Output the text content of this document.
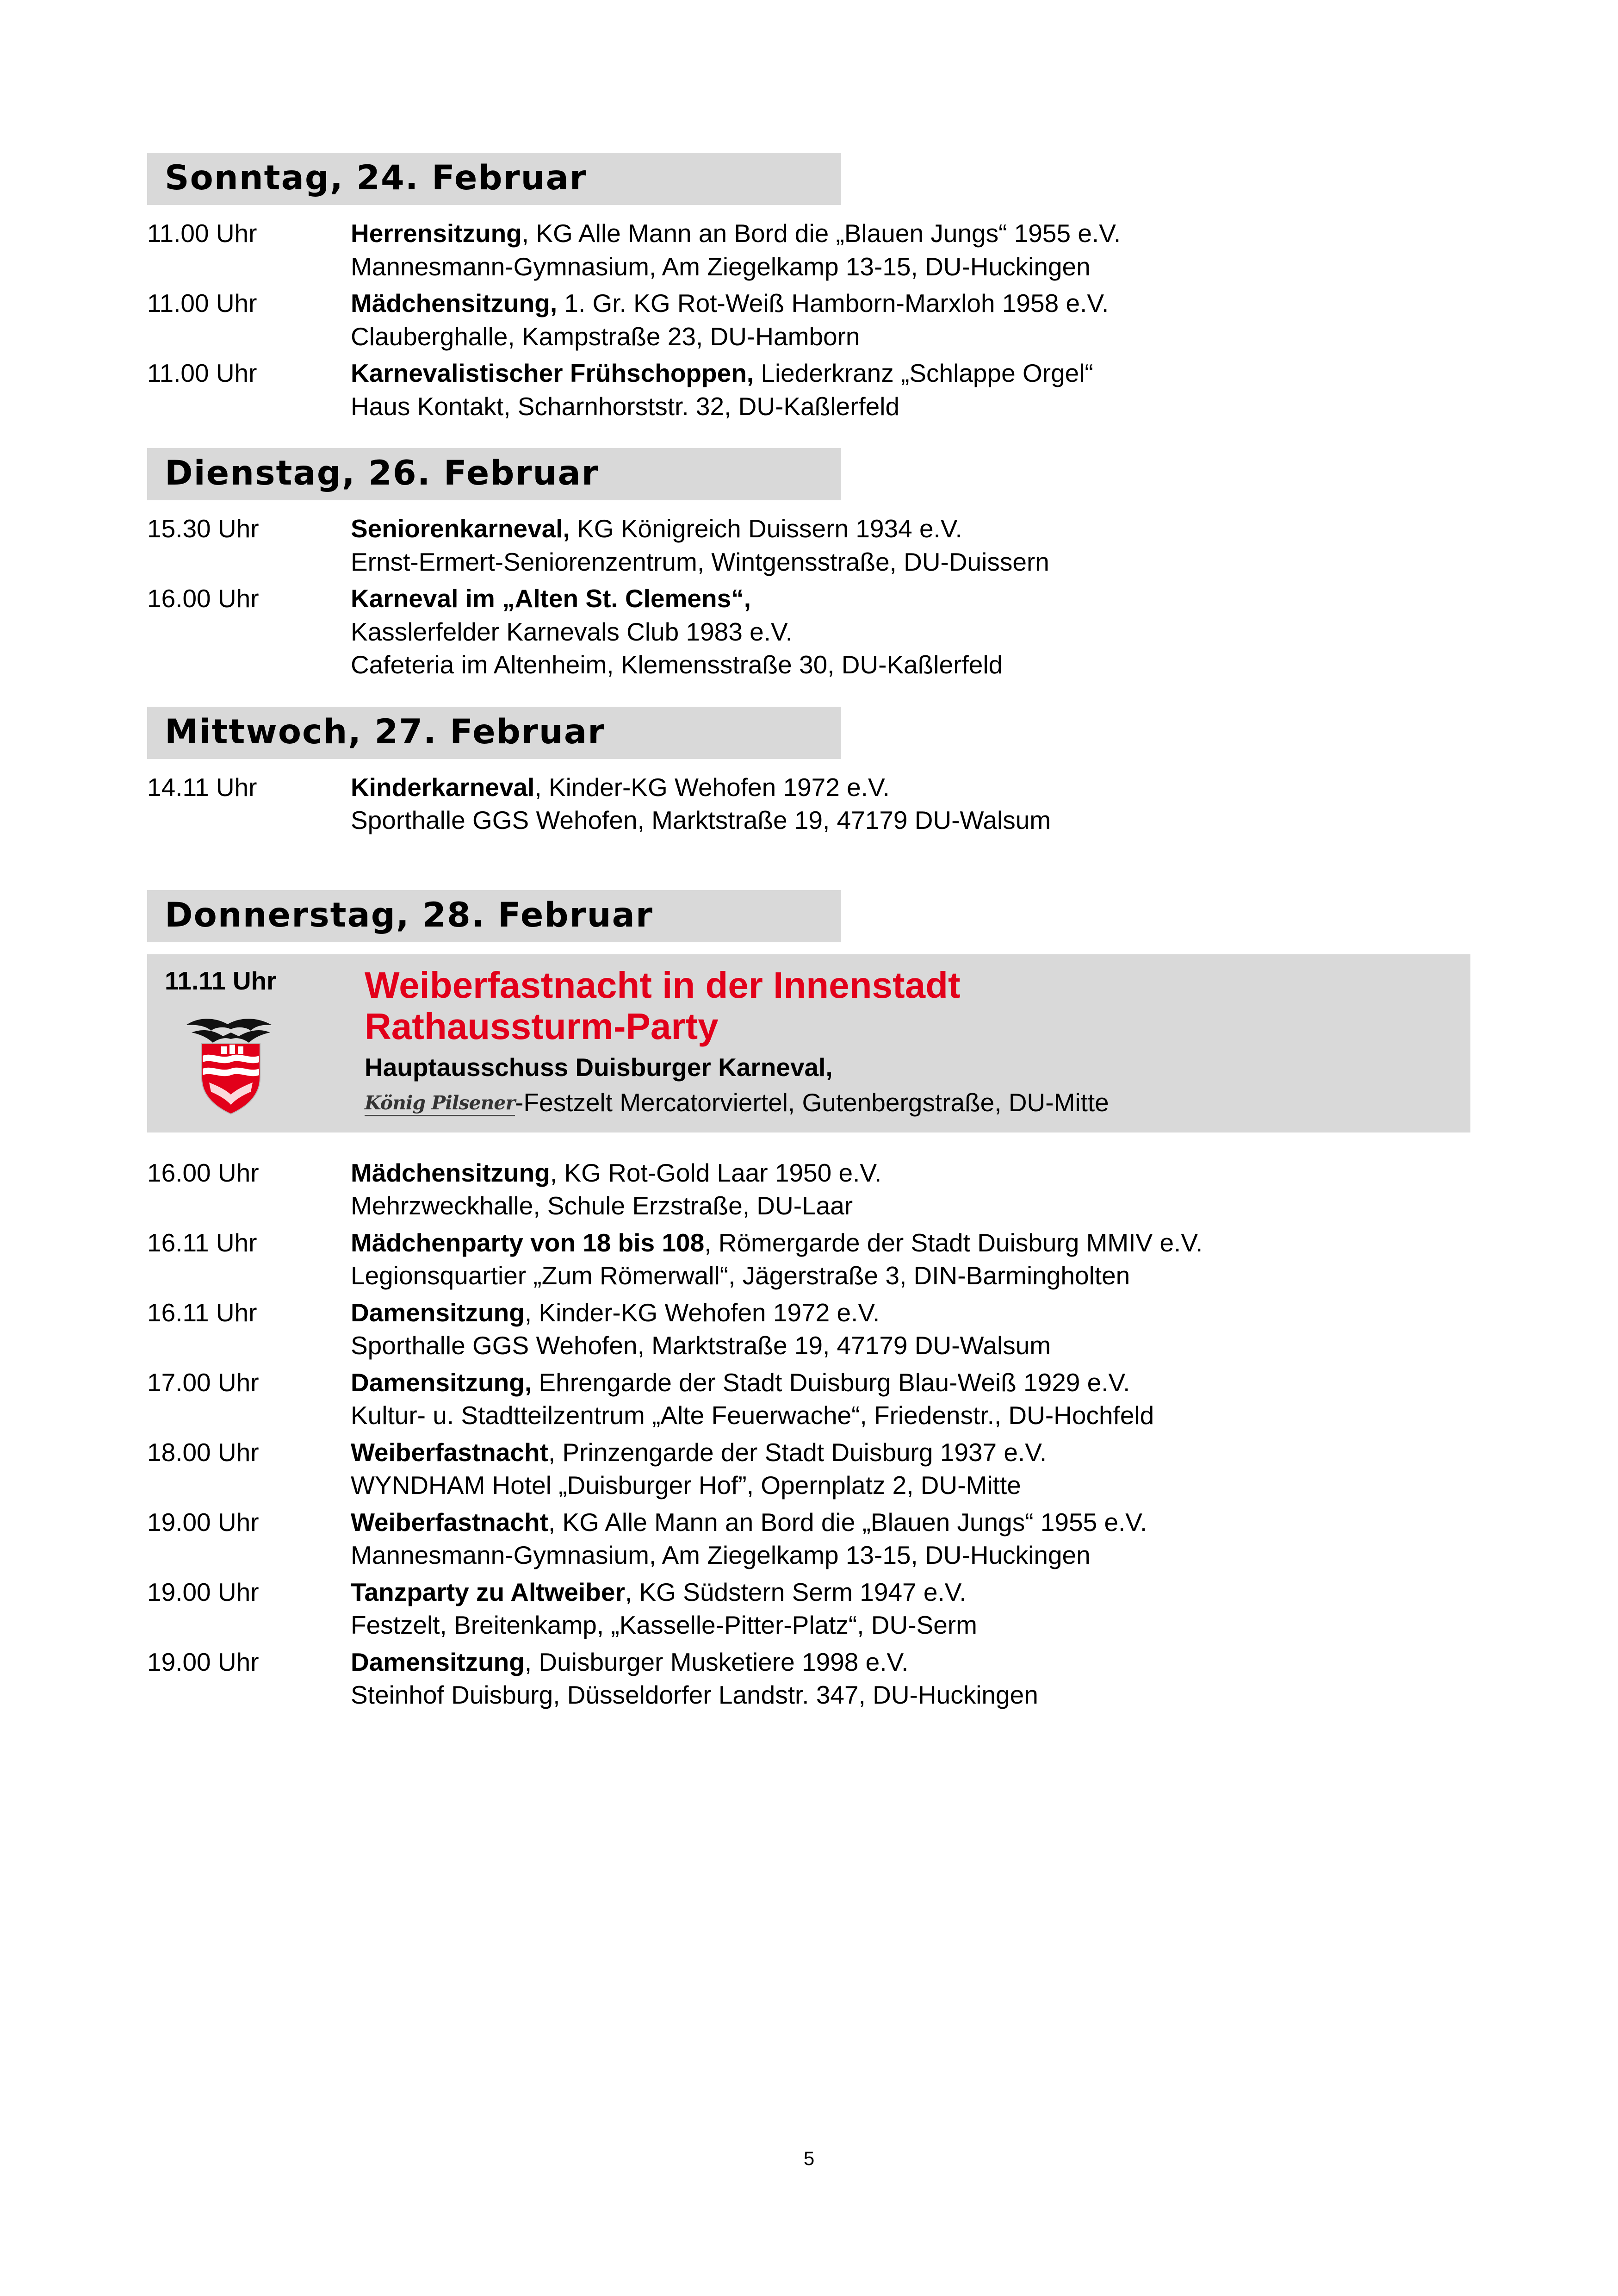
Sonntag, 24. Februar
11.00 Uhr	Herrensitzung, KG Alle Mann an Bord die „Blauen Jungs“ 1955 e.V.
Mannesmann-Gymnasium, Am Ziegelkamp 13-15, DU-Huckingen
11.00 Uhr	Mädchensitzung, 1. Gr. KG Rot-Weiß Hamborn-Marxloh 1958 e.V.
Clauberghalle, Kampstraße 23, DU-Hamborn
11.00 Uhr	Karnevalistischer Frühschoppen, Liederkranz „Schlappe Orgel“
Haus Kontakt, Scharnhorststr. 32, DU-Kaßlerfeld
Dienstag, 26. Februar
15.30 Uhr	Seniorenkarneval, KG Königreich Duissern 1934 e.V.
Ernst-Ermert-Seniorenzentrum, Wintgensstraße, DU-Duissern
16.00 Uhr	Karneval im „Alten St. Clemens“,
Kasslerfelder Karnevals Club 1983 e.V.
Cafeteria im Altenheim, Klemensstraße 30, DU-Kaßlerfeld
Mittwoch, 27. Februar
14.11 Uhr	Kinderkarneval, Kinder-KG Wehofen 1972 e.V.
Sporthalle GGS Wehofen, Marktstraße 19, 47179 DU-Walsum
Donnerstag, 28. Februar
11.11 Uhr	Weiberfastnacht in der Innenstadt
Rathaussturm-Party
Hauptausschuss Duisburger Karneval,
König Pilsener-Festzelt Mercatorviertel, Gutenbergstraße, DU-Mitte
16.00 Uhr	Mädchensitzung, KG Rot-Gold Laar 1950 e.V.
Mehrzweckhalle, Schule Erzstraße, DU-Laar
16.11 Uhr	Mädchenparty von 18 bis 108, Römergarde der Stadt Duisburg MMIV e.V.
Legionsquartier „Zum Römerwall“, Jägerstraße 3, DIN-Barmingholten
16.11 Uhr	Damensitzung, Kinder-KG Wehofen 1972 e.V.
Sporthalle GGS Wehofen, Marktstraße 19, 47179 DU-Walsum
17.00 Uhr	Damensitzung, Ehrengarde der Stadt Duisburg Blau-Weiß 1929 e.V.
Kultur- u. Stadtteilzentrum „Alte Feuerwache“, Friedenstr., DU-Hochfeld
18.00 Uhr	Weiberfastnacht, Prinzengarde der Stadt Duisburg 1937 e.V.
WYNDHAM Hotel „Duisburger Hof”, Opernplatz 2, DU-Mitte
19.00 Uhr	Weiberfastnacht, KG Alle Mann an Bord die „Blauen Jungs“ 1955 e.V.
Mannesmann-Gymnasium, Am Ziegelkamp 13-15, DU-Huckingen
19.00 Uhr	Tanzparty zu Altweiber, KG Südstern Serm 1947 e.V.
Festzelt, Breitenkamp, „Kasselle-Pitter-Platz“, DU-Serm
19.00 Uhr	Damensitzung, Duisburger Musketiere 1998 e.V.
Steinhof Duisburg, Düsseldorfer Landstr. 347, DU-Huckingen
5
